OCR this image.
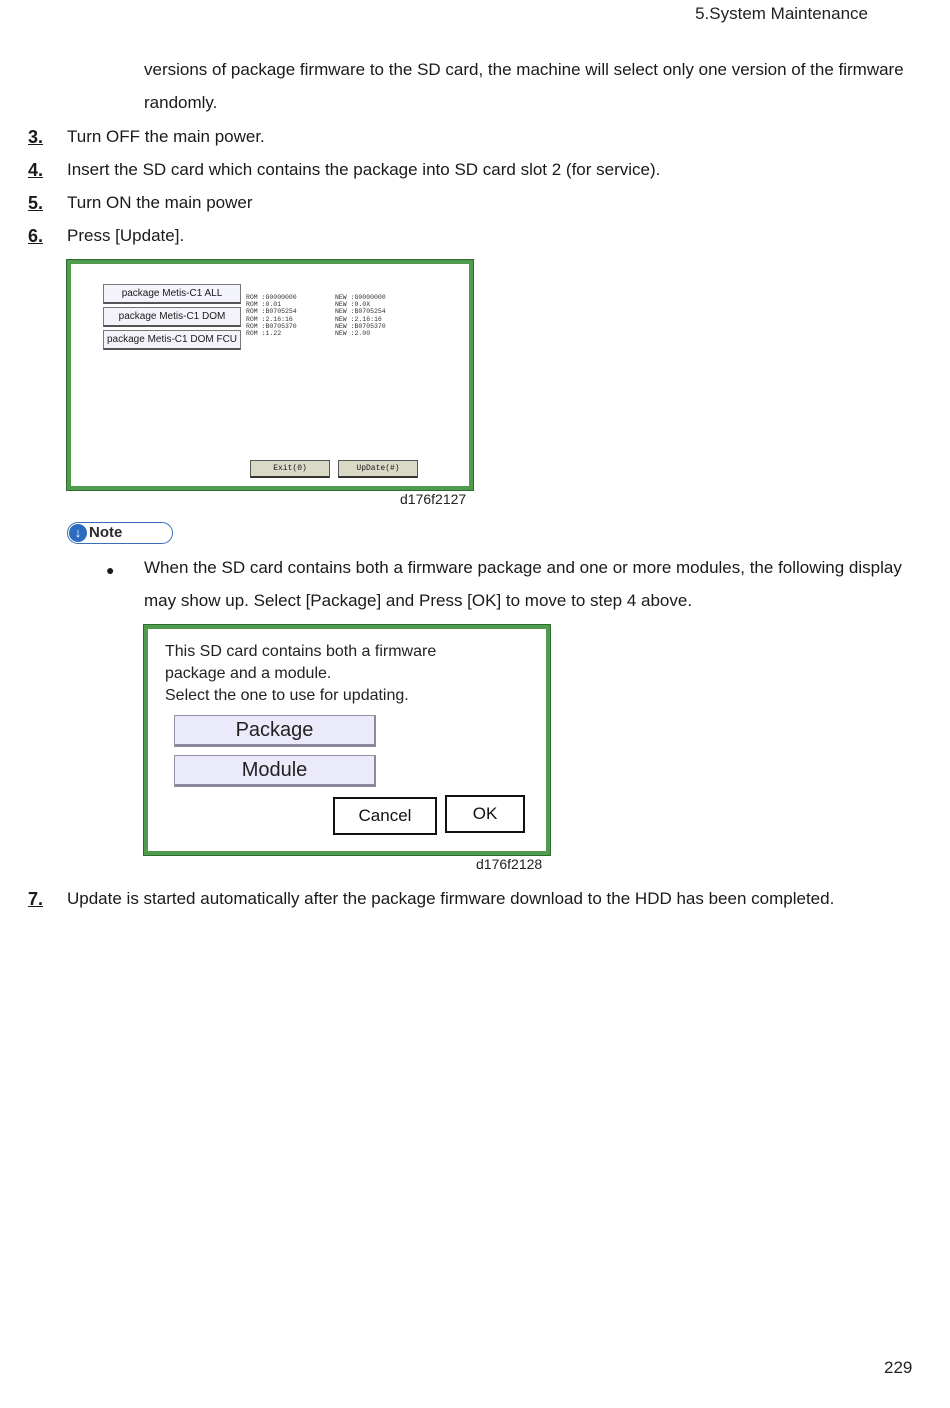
5.System Maintenance
versions of package firmware to the SD card, the machine will select only one version of the firmware
randomly.
3. Turn OFF the main power.
4. Insert the SD card which contains the package into SD card slot 2 (for service).
5. Turn ON the main power
6. Press [Update].
package Metis-C1 ALL
package Metis-C1 DOM
package Metis-C1 DOM FCU
ROM :G0000000
ROM :0.01
ROM :B0705254
ROM :2.16:16
ROM :B0705370
ROM :1.22
NEW :G0000000
NEW :0.0X
NEW :B0705254
NEW :2.16:16
NEW :B0705370
NEW :2.00
Exit(0)	UpDate(#)
d176f2127
↓ Note
● When the SD card contains both a firmware package and one or more modules, the following display
may show up. Select [Package] and Press [OK] to move to step 4 above.
This SD card contains both a firmware
package and a module.
Select the one to use for updating.
Package
Module
Cancel	OK
d176f2128
7. Update is started automatically after the package firmware download to the HDD has been completed.
229
